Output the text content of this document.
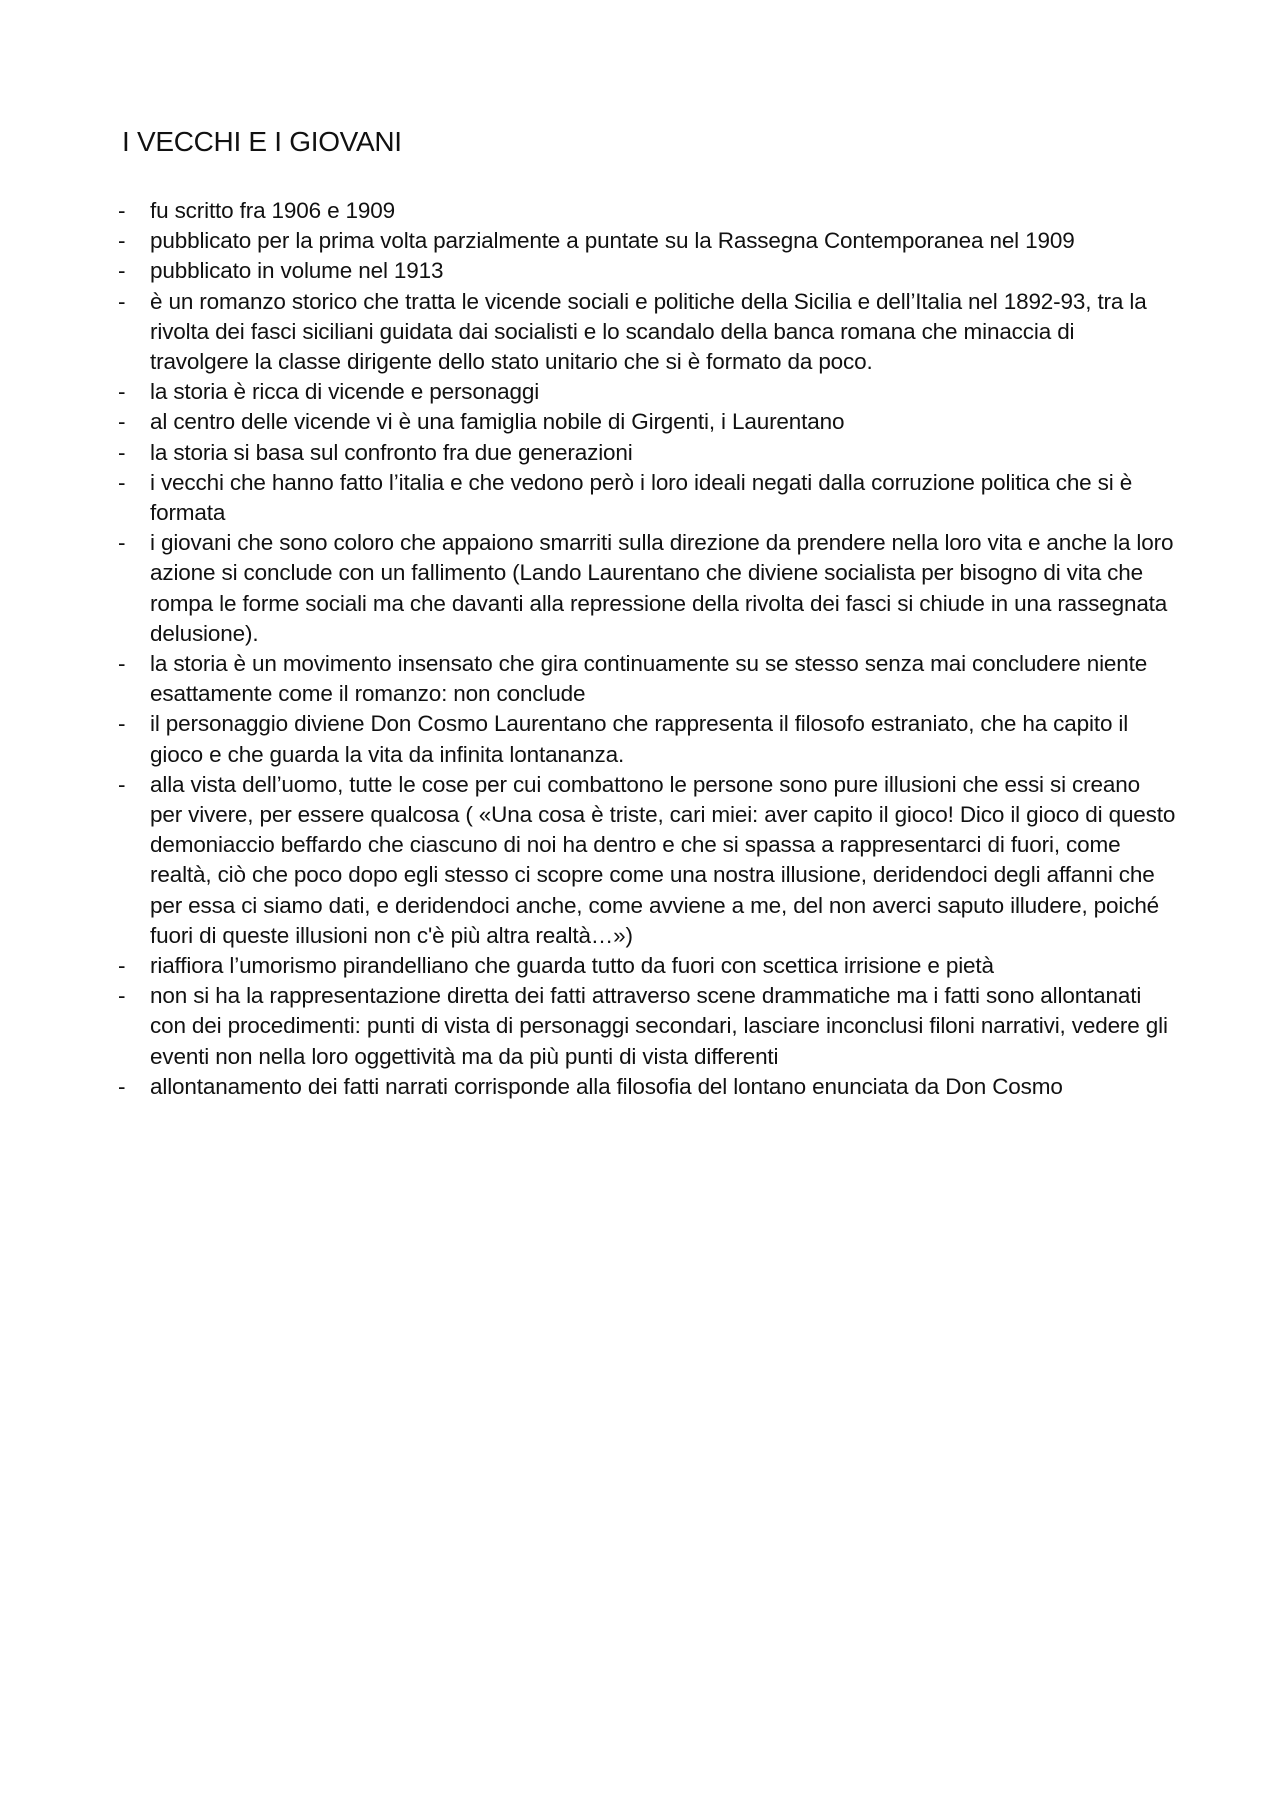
I VECCHI E I GIOVANI
-	fu scritto fra 1906 e 1909
-	pubblicato per la prima volta parzialmente a puntate su la Rassegna Contemporanea nel 1909
-	pubblicato in volume nel 1913
-	è un romanzo storico che tratta le vicende sociali e politiche della Sicilia e dell’Italia nel 1892-93, tra la rivolta dei fasci siciliani guidata dai socialisti e lo scandalo della banca romana che minaccia di travolgere la classe dirigente dello stato unitario che si è formato da poco.
-	la storia è ricca di vicende e personaggi
-	al centro delle vicende vi è una famiglia nobile di Girgenti, i Laurentano
-	la storia si basa sul confronto fra due generazioni
-	i vecchi che hanno fatto l’italia e che vedono però i loro ideali negati dalla corruzione politica che si è formata
-	i giovani che sono coloro che appaiono smarriti sulla direzione da prendere nella loro vita e anche la loro azione si conclude con un fallimento (Lando Laurentano che diviene socialista per bisogno di vita che rompa le forme sociali ma che davanti alla repressione della rivolta dei fasci si chiude in una rassegnata delusione).
-	la storia è un movimento insensato che gira continuamente su se stesso senza mai concludere niente esattamente come il romanzo: non conclude
-	il personaggio diviene Don Cosmo Laurentano che rappresenta il filosofo estraniato, che ha capito il gioco e che guarda la vita da infinita lontananza.
-	alla vista dell’uomo, tutte le cose per cui combattono le persone sono pure illusioni che essi si creano per vivere, per essere qualcosa ( «Una cosa è triste, cari miei: aver capito il gioco! Dico il gioco di questo demoniaccio beffardo che ciascuno di noi ha dentro e che si spassa a rappresentarci di fuori, come realtà, ciò che poco dopo egli stesso ci scopre come una nostra illusione, deridendoci degli affanni che per essa ci siamo dati, e deridendoci anche, come avviene a me, del non averci saputo illudere, poiché fuori di queste illusioni non c'è più altra realtà…»)
-	riaffiora l’umorismo pirandelliano che guarda tutto da fuori con scettica irrisione e pietà
-	non si ha la rappresentazione diretta dei fatti attraverso scene drammatiche ma i fatti sono allontanati con dei procedimenti: punti di vista di personaggi secondari, lasciare inconclusi filoni narrativi, vedere gli eventi non nella loro oggettività ma da più punti di vista differenti
-	allontanamento dei fatti narrati corrisponde alla filosofia del lontano enunciata da Don Cosmo
